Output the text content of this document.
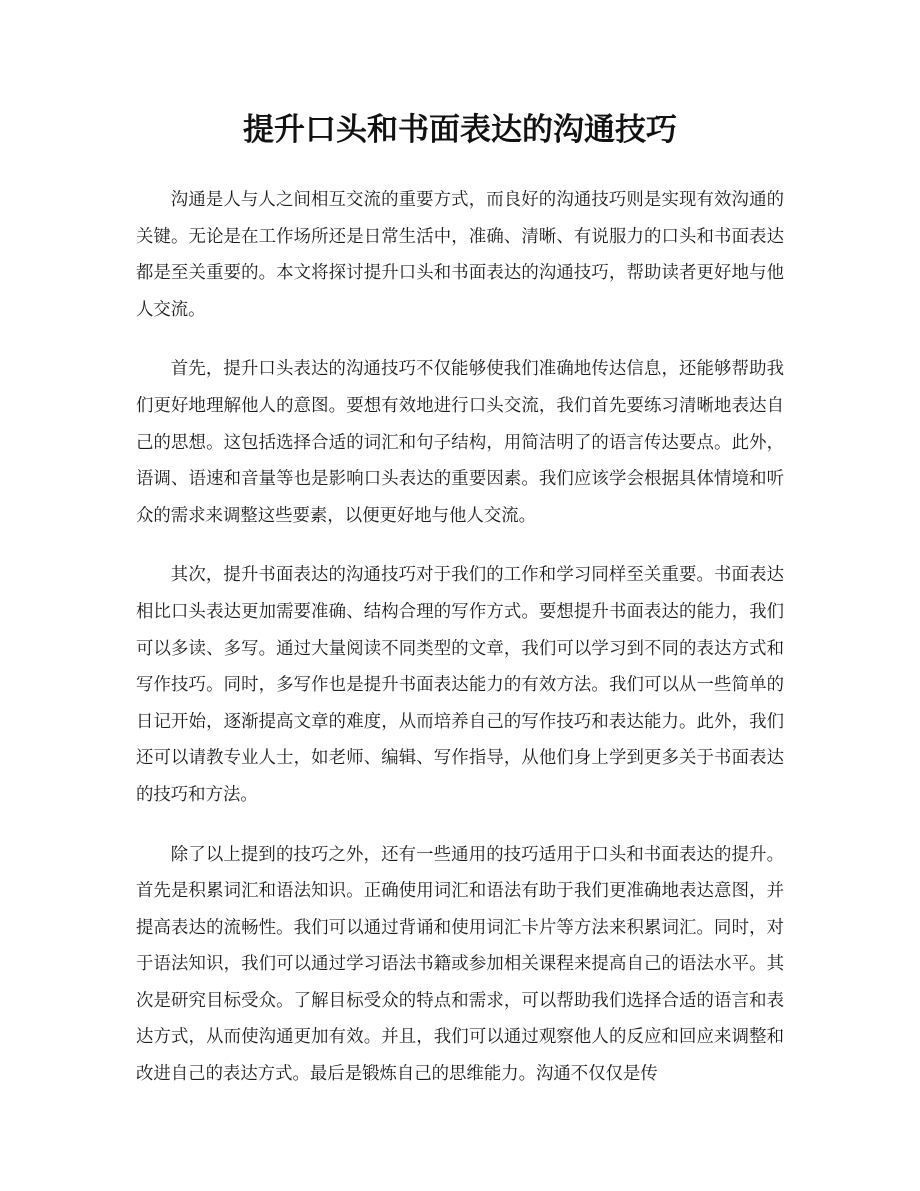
提升口头和书面表达的沟通技巧

沟通是人与人之间相互交流的重要方式，而良好的沟通技巧则是实现有效沟通的关键。无论是在工作场所还是日常生活中，准确、清晰、有说服力的口头和书面表达都是至关重要的。本文将探讨提升口头和书面表达的沟通技巧，帮助读者更好地与他人交流。

首先，提升口头表达的沟通技巧不仅能够使我们准确地传达信息，还能够帮助我们更好地理解他人的意图。要想有效地进行口头交流，我们首先要练习清晰地表达自己的思想。这包括选择合适的词汇和句子结构，用简洁明了的语言传达要点。此外，语调、语速和音量等也是影响口头表达的重要因素。我们应该学会根据具体情境和听众的需求来调整这些要素，以便更好地与他人交流。

其次，提升书面表达的沟通技巧对于我们的工作和学习同样至关重要。书面表达相比口头表达更加需要准确、结构合理的写作方式。要想提升书面表达的能力，我们可以多读、多写。通过大量阅读不同类型的文章，我们可以学习到不同的表达方式和写作技巧。同时，多写作也是提升书面表达能力的有效方法。我们可以从一些简单的日记开始，逐渐提高文章的难度，从而培养自己的写作技巧和表达能力。此外，我们还可以请教专业人士，如老师、编辑、写作指导，从他们身上学到更多关于书面表达的技巧和方法。

除了以上提到的技巧之外，还有一些通用的技巧适用于口头和书面表达的提升。首先是积累词汇和语法知识。正确使用词汇和语法有助于我们更准确地表达意图，并提高表达的流畅性。我们可以通过背诵和使用词汇卡片等方法来积累词汇。同时，对于语法知识，我们可以通过学习语法书籍或参加相关课程来提高自己的语法水平。其次是研究目标受众。了解目标受众的特点和需求，可以帮助我们选择合适的语言和表达方式，从而使沟通更加有效。并且，我们可以通过观察他人的反应和回应来调整和改进自己的表达方式。最后是锻炼自己的思维能力。沟通不仅仅是传
